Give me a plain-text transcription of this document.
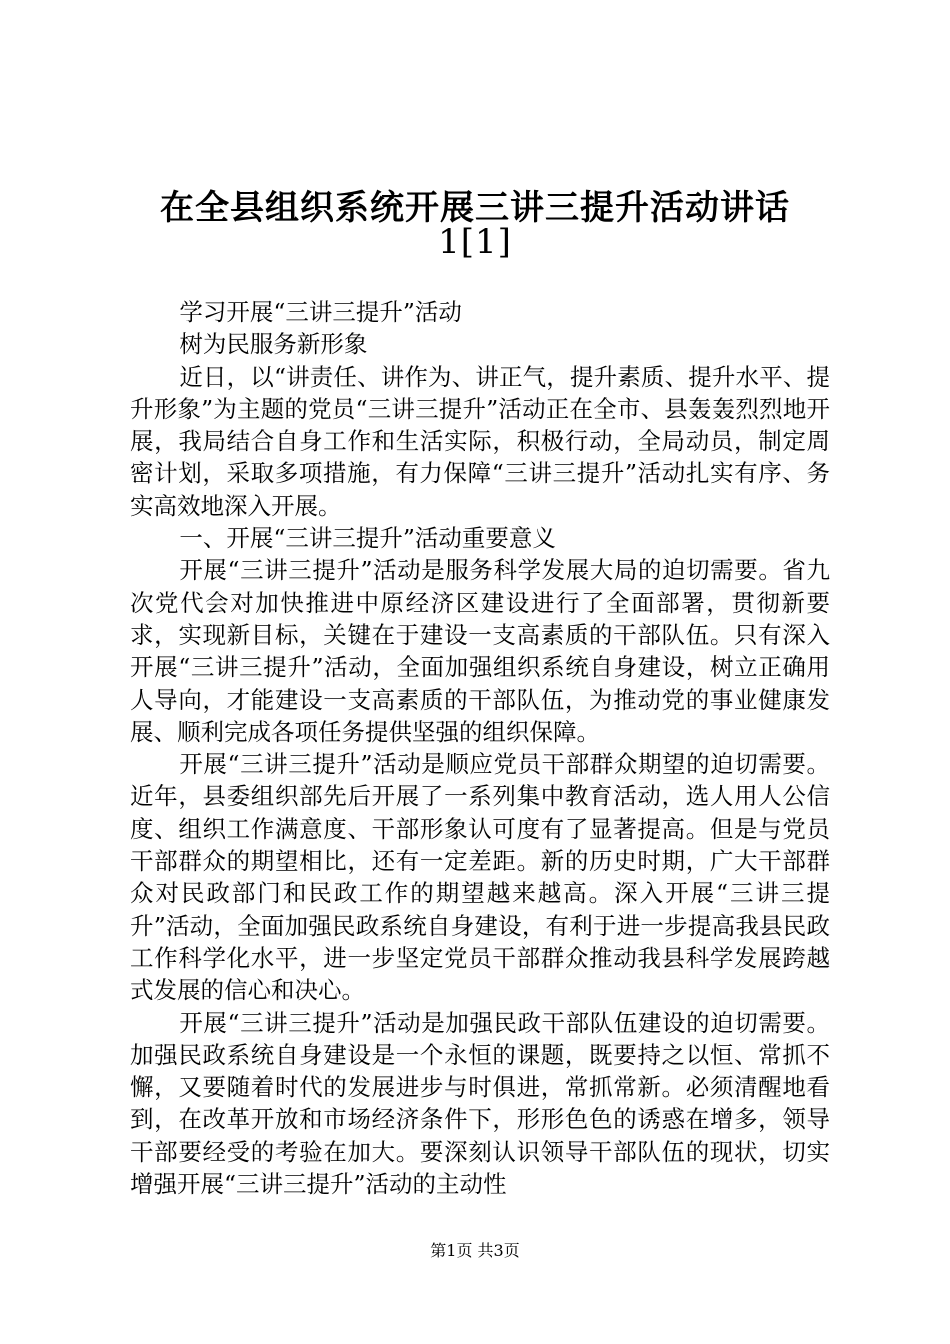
在全县组织系统开展三讲三提升活动讲话
1[1]

学习开展“三讲三提升”活动

树为民服务新形象

近日，以“讲责任、讲作为、讲正气，提升素质、提升水平、提升形象”为主题的党员“三讲三提升”活动正在全市、县轰轰烈烈地开展，我局结合自身工作和生活实际，积极行动，全局动员，制定周密计划，采取多项措施，有力保障“三讲三提升”活动扎实有序、务实高效地深入开展。

一、开展“三讲三提升”活动重要意义

开展“三讲三提升”活动是服务科学发展大局的迫切需要。省九次党代会对加快推进中原经济区建设进行了全面部署，贯彻新要求，实现新目标，关键在于建设一支高素质的干部队伍。只有深入开展“三讲三提升”活动，全面加强组织系统自身建设，树立正确用人导向，才能建设一支高素质的干部队伍，为推动党的事业健康发展、顺利完成各项任务提供坚强的组织保障。

开展“三讲三提升”活动是顺应党员干部群众期望的迫切需要。近年，县委组织部先后开展了一系列集中教育活动，选人用人公信度、组织工作满意度、干部形象认可度有了显著提高。但是与党员干部群众的期望相比，还有一定差距。新的历史时期，广大干部群众对民政部门和民政工作的期望越来越高。深入开展“三讲三提升”活动，全面加强民政系统自身建设，有利于进一步提高我县民政工作科学化水平，进一步坚定党员干部群众推动我县科学发展跨越式发展的信心和决心。

开展“三讲三提升”活动是加强民政干部队伍建设的迫切需要。加强民政系统自身建设是一个永恒的课题，既要持之以恒、常抓不懈，又要随着时代的发展进步与时俱进，常抓常新。必须清醒地看到，在改革开放和市场经济条件下，形形色色的诱惑在增多，领导干部要经受的考验在加大。要深刻认识领导干部队伍的现状，切实增强开展“三讲三提升”活动的主动性

第1页 共3页
